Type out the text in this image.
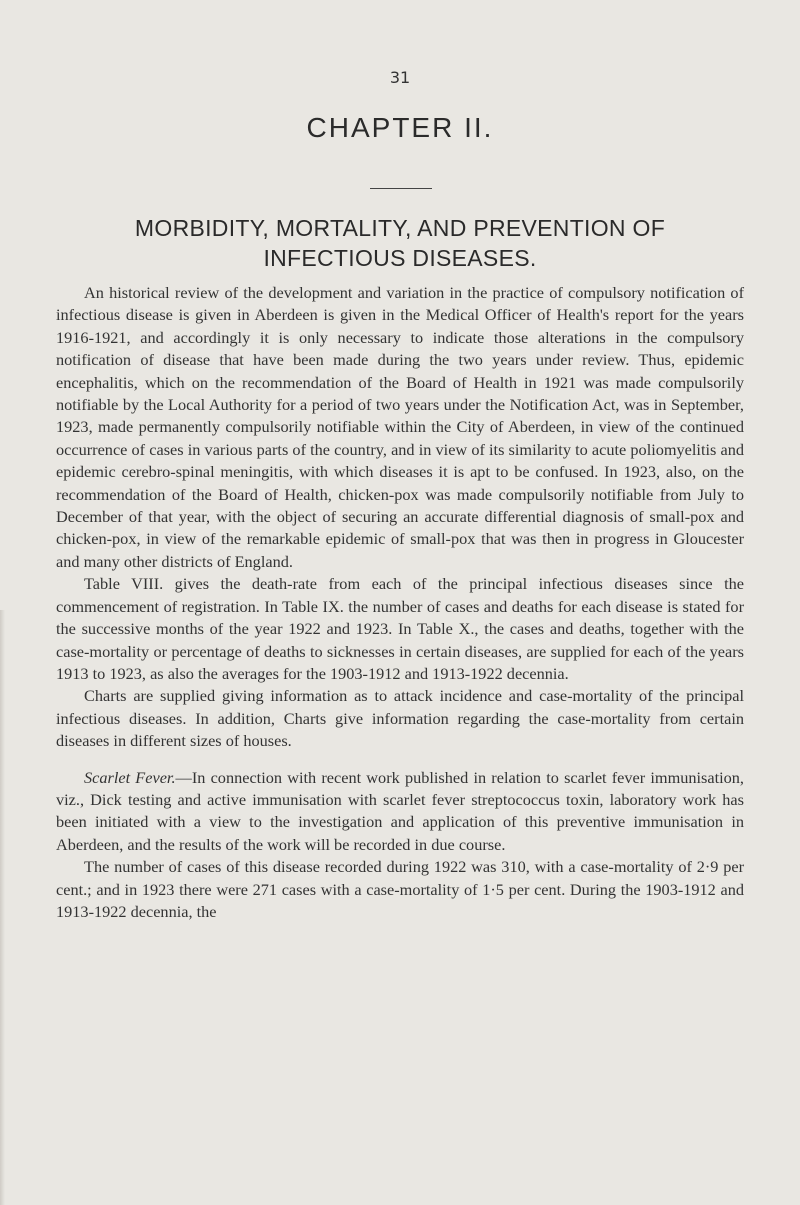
31
CHAPTER II.
MORBIDITY, MORTALITY, AND PREVENTION OF
INFECTIOUS DISEASES.

An historical review of the development and variation in the practice of compulsory notification of infectious disease is given in Aberdeen is given in the Medical Officer of Health's report for the years 1916-1921, and accordingly it is only necessary to indicate those alterations in the compulsory notification of disease that have been made during the two years under review. Thus, epidemic encephalitis, which on the recommendation of the Board of Health in 1921 was made compulsorily notifiable by the Local Authority for a period of two years under the Notification Act, was in September, 1923, made permanently compulsorily notifiable within the City of Aberdeen, in view of the continued occurrence of cases in various parts of the country, and in view of its similarity to acute poliomyelitis and epidemic cerebro-spinal meningitis, with which diseases it is apt to be confused. In 1923, also, on the recommendation of the Board of Health, chicken-pox was made compulsorily notifiable from July to December of that year, with the object of securing an accurate differential diagnosis of small-pox and chicken-pox, in view of the remarkable epidemic of small-pox that was then in progress in Gloucester and many other districts of England.

Table VIII. gives the death-rate from each of the principal infectious diseases since the commencement of registration. In Table IX. the number of cases and deaths for each disease is stated for the successive months of the year 1922 and 1923. In Table X., the cases and deaths, together with the case-mortality or percentage of deaths to sicknesses in certain diseases, are supplied for each of the years 1913 to 1923, as also the averages for the 1903-1912 and 1913-1922 decennia.

Charts are supplied giving information as to attack incidence and case-mortality of the principal infectious diseases. In addition, Charts give information regarding the case-mortality from certain diseases in different sizes of houses.

Scarlet Fever.—In connection with recent work published in relation to scarlet fever immunisation, viz., Dick testing and active immunisation with scarlet fever streptococcus toxin, laboratory work has been initiated with a view to the investigation and application of this preventive immunisation in Aberdeen, and the results of the work will be recorded in due course.

The number of cases of this disease recorded during 1922 was 310, with a case-mortality of 2·9 per cent.; and in 1923 there were 271 cases with a case-mortality of 1·5 per cent. During the 1903-1912 and 1913-1922 decennia, the
